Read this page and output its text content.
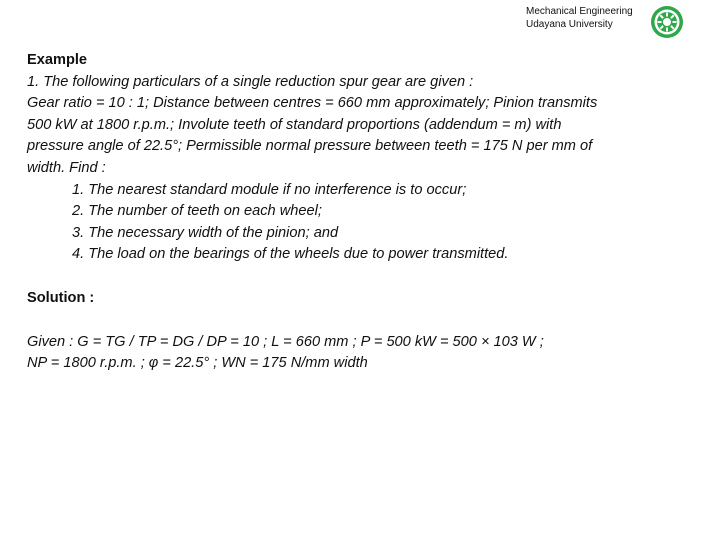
Mechanical Engineering
Udayana University

Example

1. The following particulars of a single reduction spur gear are given :

Gear ratio = 10 : 1; Distance between centres = 660 mm approximately; Pinion transmits

500 kW at 1800 r.p.m.; Involute teeth of standard proportions (addendum = m) with

pressure angle of 22.5°; Permissible normal pressure between teeth = 175 N per mm of

width. Find :

1. The nearest standard module if no interference is to occur;

2. The number of teeth on each wheel;

3. The necessary width of the pinion; and

4. The load on the bearings of the wheels due to power transmitted.

Solution :

Given : G = TG / TP = DG / DP = 10 ; L = 660 mm ; P = 500 kW = 500 × 103 W ;

NP = 1800 r.p.m. ; φ = 22.5° ; WN = 175 N/mm width
